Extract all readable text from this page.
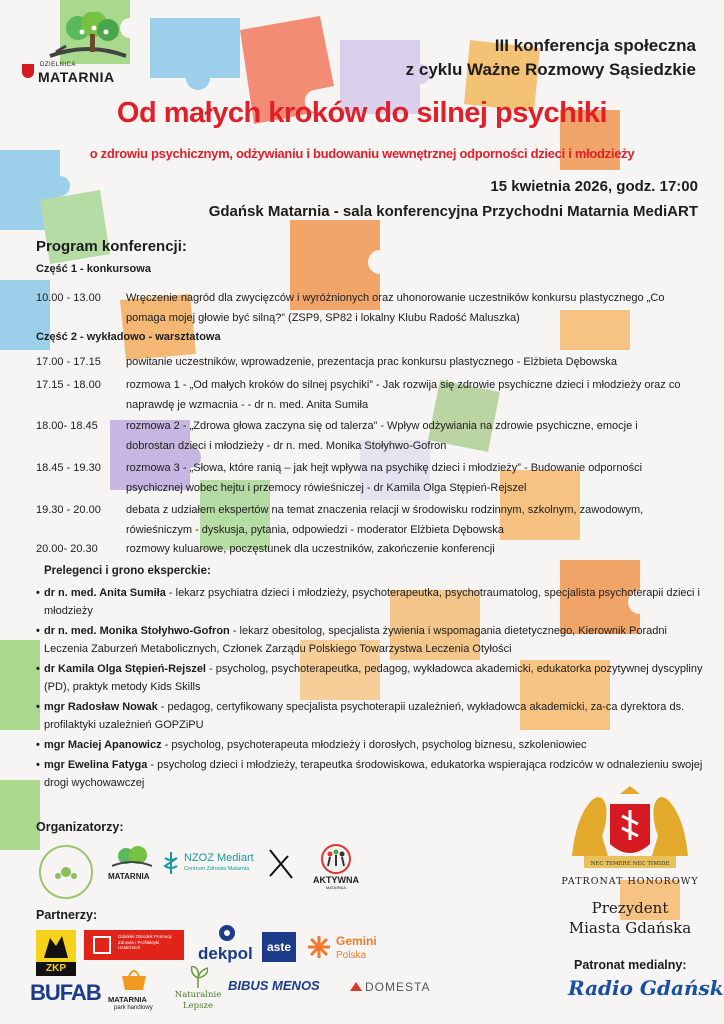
DZIELNICA
MATARNIA
III konferencja społeczna
z cyklu Ważne Rozmowy Sąsiedzkie
Od małych kroków do silnej psychiki
o zdrowiu psychicznym, odżywianiu i budowaniu wewnętrznej odporności dzieci i młodzieży
15 kwietnia 2026, godz. 17:00
Gdańsk Matarnia - sala konferencyjna Przychodni Matarnia MediART
Program konferencji:
Część 1 - konkursowa
10.00 - 13.00	Wręczenie nagród dla zwycięzców i wyróżnionych oraz uhonorowanie uczestników konkursu plastycznego „Co pomaga mojej głowie być silną?” (ZSP9, SP82 i lokalny Klubu Radość Maluszka)
Część 2 - wykładowo - warsztatowa
17.00 - 17.15	powitanie uczestników, wprowadzenie, prezentacja prac konkursu plastycznego - Elżbieta Dębowska
17.15 - 18.00	rozmowa 1 - „Od małych kroków do silnej psychiki” - Jak rozwija się zdrowie psychiczne dzieci i młodzieży oraz co naprawdę je wzmacnia - - dr n. med. Anita Sumiła
18.00- 18.45	rozmowa 2 - „Zdrowa głowa zaczyna się od talerza” - Wpływ odżywiania na zdrowie psychiczne, emocje i dobrostan dzieci i młodzieży - dr n. med. Monika Stołyhwo-Gofron
18.45 - 19.30	rozmowa 3 - „Słowa, które ranią – jak hejt wpływa na psychikę dzieci i młodzieży” - Budowanie odporności psychicznej wobec hejtu i przemocy rówieśniczej - dr Kamila Olga Stępień-Rejszel
19.30 - 20.00	debata z udziałem ekspertów na temat znaczenia relacji w środowisku rodzinnym, szkolnym, zawodowym, rówieśniczym - dyskusja, pytania, odpowiedzi - moderator Elżbieta Dębowska
20.00- 20.30	rozmowy kuluarowe, poczęstunek dla uczestników, zakończenie konferencji
Prelegenci i grono eksperckie:
• dr n. med. Anita Sumiła - lekarz psychiatra dzieci i młodzieży, psychoterapeutka, psychotraumatolog, specjalista psychoterapii dzieci i młodzieży
• dr n. med. Monika Stołyhwo-Gofron - lekarz obesitolog, specjalista żywienia i wspomagania dietetycznego, Kierownik Poradni Leczenia Zaburzeń Metabolicznych, Członek Zarządu Polskiego Towarzystwa Leczenia Otyłości
• dr Kamila Olga Stępień-Rejszel - psycholog, psychoterapeutka, pedagog, wykładowca akademicki, edukatorka pozytywnej dyscypliny (PD), praktyk metody Kids Skills
• mgr Radosław Nowak - pedagog, certyfikowany specjalista psychoterapii uzależnień, wykładowca akademicki, za-ca dyrektora ds. profilaktyki uzależnień GOPZiPU
• mgr Maciej Apanowicz - psycholog, psychoterapeuta młodzieży i dorosłych, psycholog biznesu, szkoleniowiec
• mgr Ewelina Fatyga - psycholog dzieci i młodzieży, terapeutka środowiskowa, edukatorka wspierająca rodziców w odnalezieniu swojej drogi wychowawczej
Organizatorzy:
MATARNIA
NZOZ Mediart
Centrum Zdrowia Matarnia
AKTYWNA
MATARNIA
Partnerzy:
ZKP
Gdański Ośrodek Promocji Zdrowia i Profilaktyki Uzależnień	dekpol	aste	Gemini
Polska
BUFAB MATARNIA
park handlowy
Naturalnie
Lepsze
BIBUS MENOS	DOMESTA
NEC TEMERE NEC TIMIDE
PATRONAT HONOROWY
Prezydent
Miasta Gdańska
Patronat medialny:
Radio Gdańsk
